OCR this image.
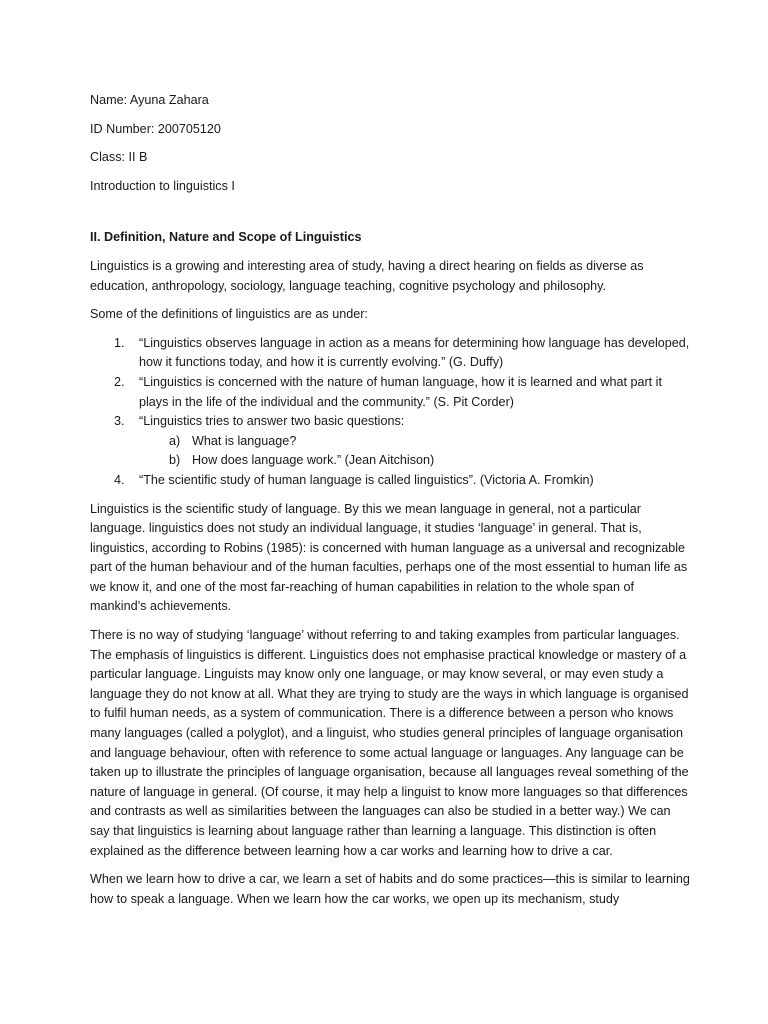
Name: Ayuna Zahara
ID Number: 200705120
Class: II B
Introduction to linguistics I
II. Definition, Nature and Scope of Linguistics

Linguistics is a growing and interesting area of study, having a direct hearing on fields as diverse as education, anthropology, sociology, language teaching, cognitive psychology and philosophy.

Some of the definitions of linguistics are as under:

1. “Linguistics observes language in action as a means for determining how language has developed, how it functions today, and how it is currently evolving.” (G. Duffy)
2. “Linguistics is concerned with the nature of human language, how it is learned and what part it plays in the life of the individual and the community.” (S. Pit Corder)
3. “Linguistics tries to answer two basic questions:
a) What is language?
b) How does language work.” (Jean Aitchison)
4. “The scientific study of human language is called linguistics”. (Victoria A. Fromkin)

Linguistics is the scientific study of language. By this we mean language in general, not a particular language. linguistics does not study an individual language, it studies ‘language’ in general. That is, linguistics, according to Robins (1985): is concerned with human language as a universal and recognizable part of the human behaviour and of the human faculties, perhaps one of the most essential to human life as we know it, and one of the most far-reaching of human capabilities in relation to the whole span of mankind’s achievements.

There is no way of studying ‘language’ without referring to and taking examples from particular languages. The emphasis of linguistics is different. Linguistics does not emphasise practical knowledge or mastery of a particular language. Linguists may know only one language, or may know several, or may even study a language they do not know at all. What they are trying to study are the ways in which language is organised to fulfil human needs, as a system of communication. There is a difference between a person who knows many languages (called a polyglot), and a linguist, who studies general principles of language organisation and language behaviour, often with reference to some actual language or languages. Any language can be taken up to illustrate the principles of language organisation, because all languages reveal something of the nature of language in general. (Of course, it may help a linguist to know more languages so that differences and contrasts as well as similarities between the languages can also be studied in a better way.) We can say that linguistics is learning about language rather than learning a language. This distinction is often explained as the difference between learning how a car works and learning how to drive a car.

When we learn how to drive a car, we learn a set of habits and do some practices—this is similar to learning how to speak a language. When we learn how the car works, we open up its mechanism, study
